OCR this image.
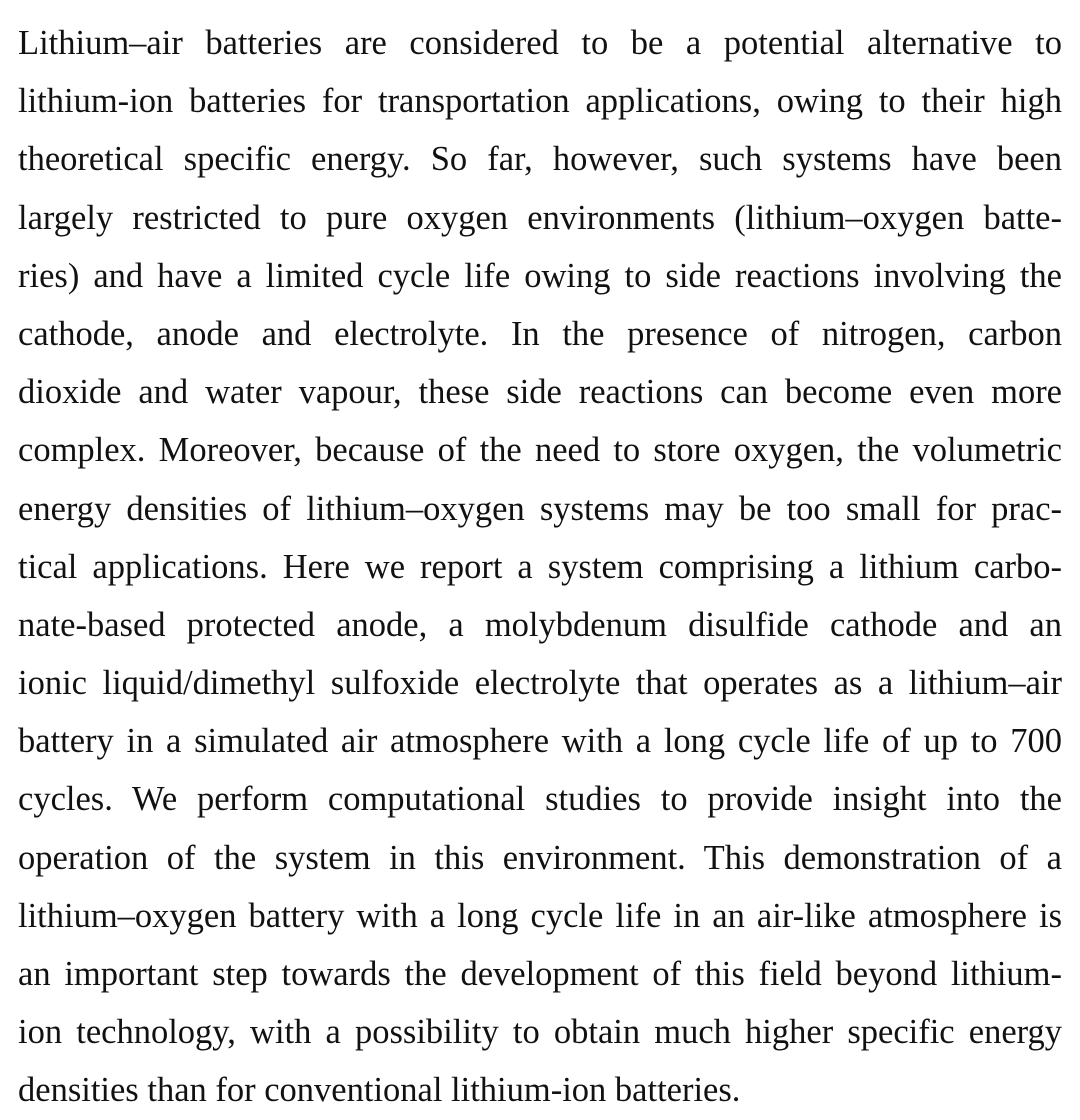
Lithium–air batteries are considered to be a potential alternative to
lithium-ion batteries for transportation applications, owing to their high
theoretical specific energy. So far, however, such systems have been
largely restricted to pure oxygen environments (lithium–oxygen batte-
ries) and have a limited cycle life owing to side reactions involving the
cathode, anode and electrolyte. In the presence of nitrogen, carbon
dioxide and water vapour, these side reactions can become even more
complex. Moreover, because of the need to store oxygen, the volumetric
energy densities of lithium–oxygen systems may be too small for prac-
tical applications. Here we report a system comprising a lithium carbo-
nate-based protected anode, a molybdenum disulfide cathode and an
ionic liquid/dimethyl sulfoxide electrolyte that operates as a lithium–air
battery in a simulated air atmosphere with a long cycle life of up to 700
cycles. We perform computational studies to provide insight into the
operation of the system in this environment. This demonstration of a
lithium–oxygen battery with a long cycle life in an air-like atmosphere is
an important step towards the development of this field beyond lithium-
ion technology, with a possibility to obtain much higher specific energy
densities than for conventional lithium-ion batteries.
